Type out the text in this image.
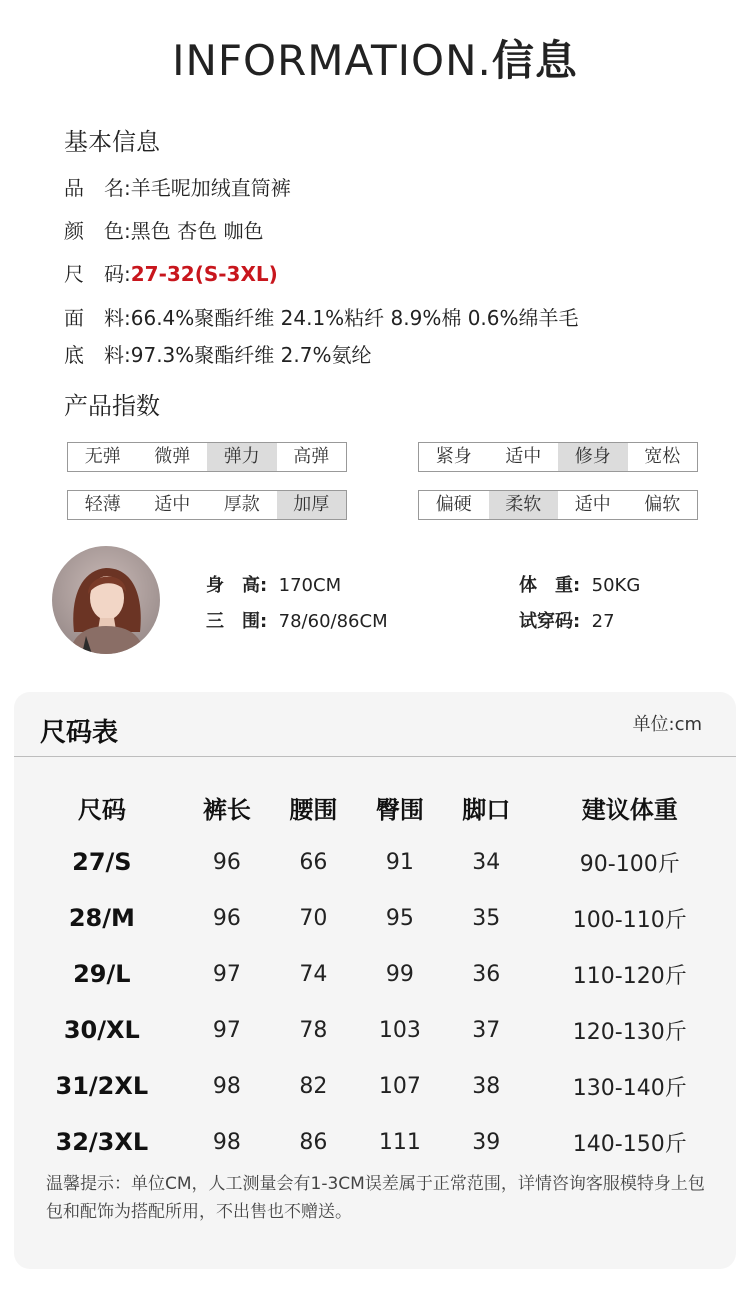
INFORMATION.信息
基本信息
品　名:羊毛呢加绒直筒裤
颜　色:黑色 杏色 咖色
尺　码:27-32(S-3XL)
面　料:66.4%聚酯纤维 24.1%粘纤 8.9%棉 0.6%绵羊毛
底　料:97.3%聚酯纤维 2.7%氨纶
产品指数
无弹	微弹	弹力	高弹	紧身	适中	修身	宽松
轻薄	适中	厚款	加厚	偏硬	柔软	适中	偏软
身　高: 170CM	体　重: 50KG
三　围: 78/60/86CM	试穿码: 27
尺码表	单位:cm
尺码	裤长	腰围	臀围	脚口	建议体重
27/S	96	66	91	34	90-100斤
28/M	96	70	95	35	100-110斤
29/L	97	74	99	36	110-120斤
30/XL	97	78	103	37	120-130斤
31/2XL	98	82	107	38	130-140斤
32/3XL	98	86	111	39	140-150斤
温馨提示：单位CM，人工测量会有1-3CM误差属于正常范围，详情咨询客服模特身上包包和配饰为搭配所用，不出售也不赠送。
